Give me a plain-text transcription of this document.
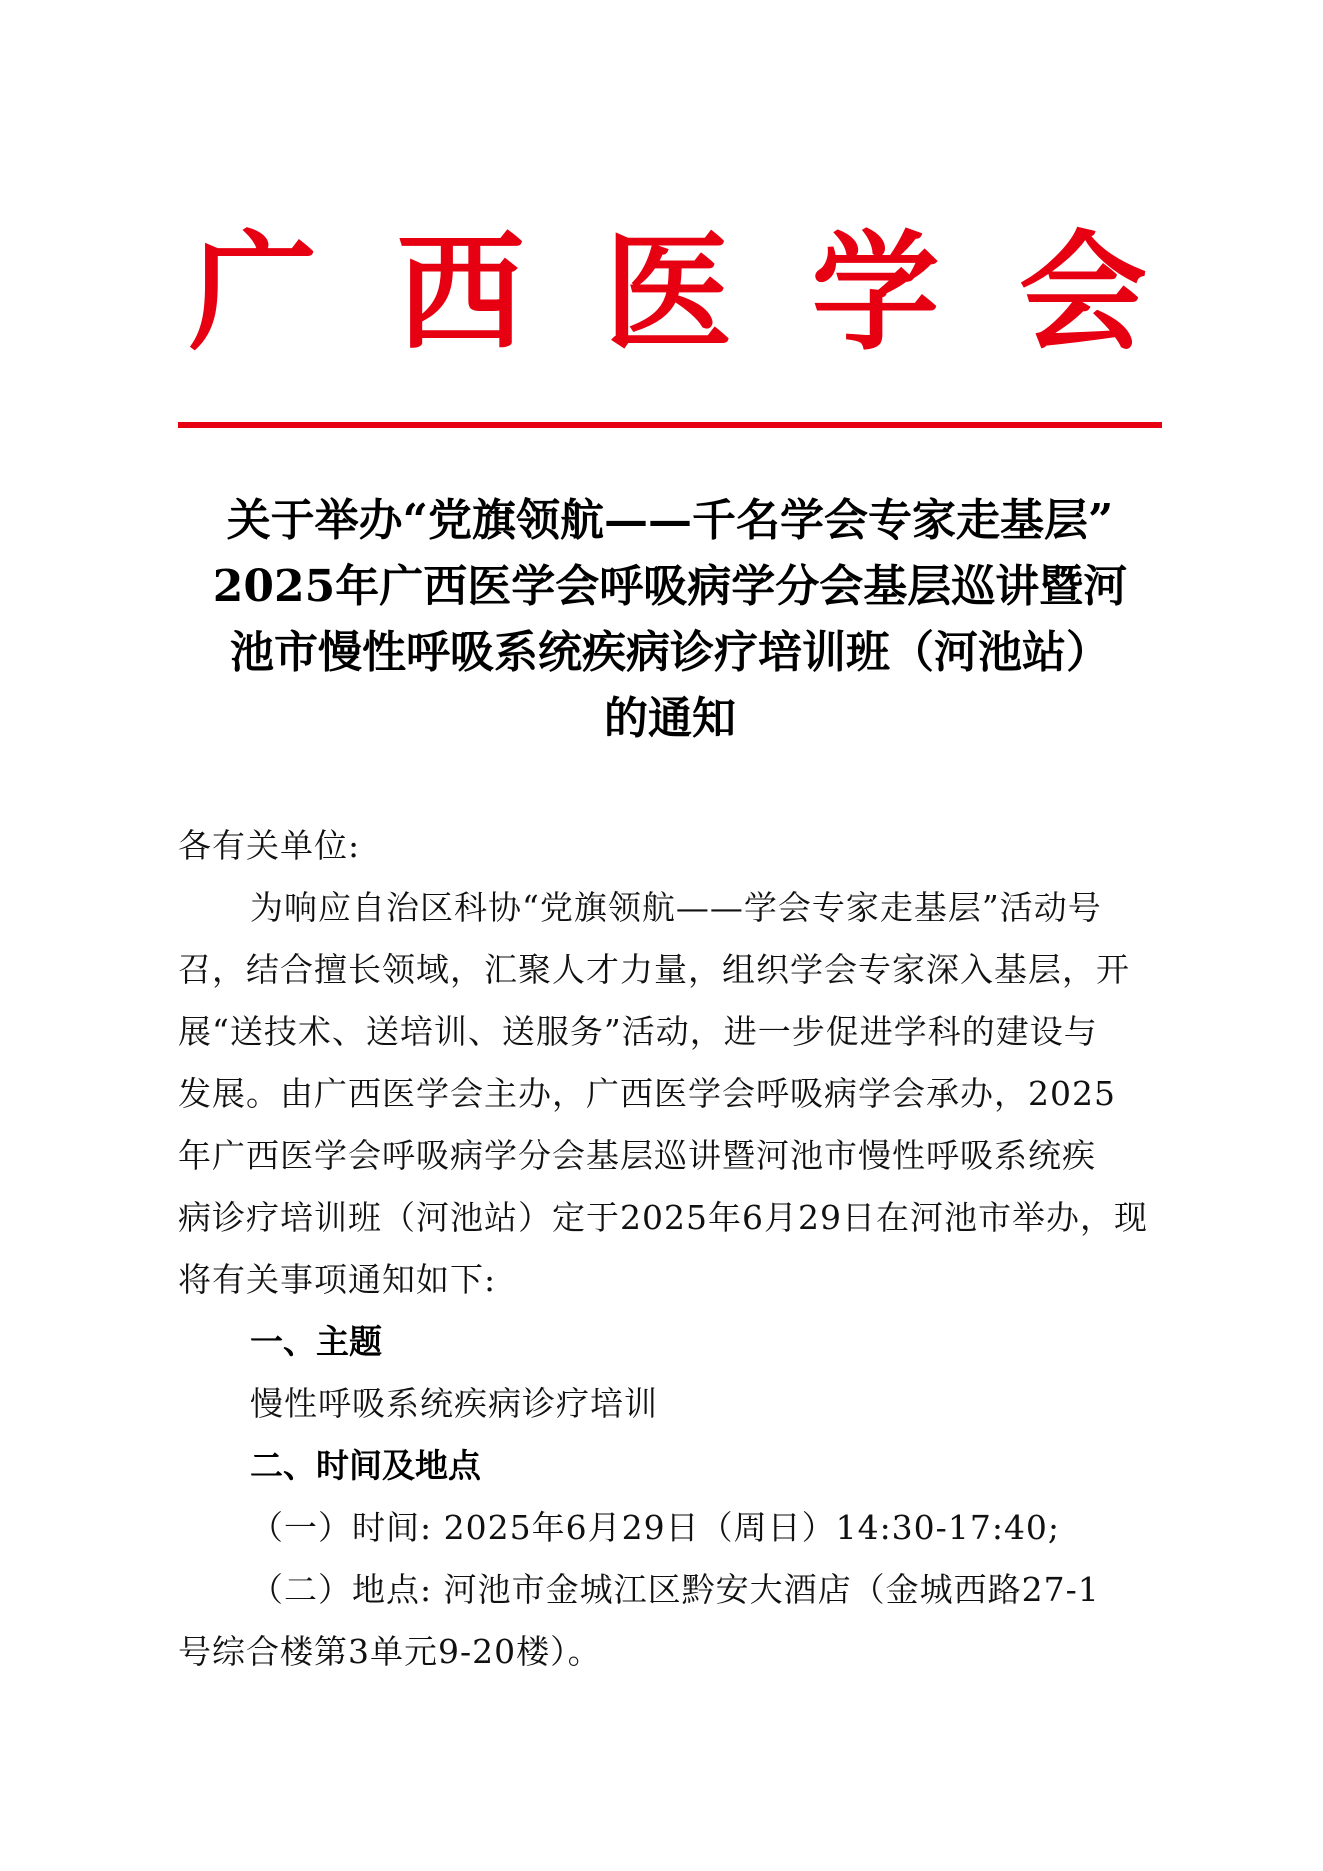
广 西 医 学 会
关于举办“党旗领航——千名学会专家走基层”
2025年广西医学会呼吸病学分会基层巡讲暨河
池市慢性呼吸系统疾病诊疗培训班（河池站）
的通知
各有关单位:
为响应自治区科协“党旗领航——学会专家走基层”活动号
召，结合擅长领域，汇聚人才力量，组织学会专家深入基层，开
展“送技术、送培训、送服务”活动，进一步促进学科的建设与
发展。由广西医学会主办，广西医学会呼吸病学会承办，2025
年广西医学会呼吸病学分会基层巡讲暨河池市慢性呼吸系统疾
病诊疗培训班（河池站）定于2025年6月29日在河池市举办，现
将有关事项通知如下:
一、主题
慢性呼吸系统疾病诊疗培训
二、时间及地点
（一）时间: 2025年6月29日（周日）14:30-17:40;
（二）地点: 河池市金城江区黔安大酒店（金城西路27-1
号综合楼第3单元9-20楼）。
